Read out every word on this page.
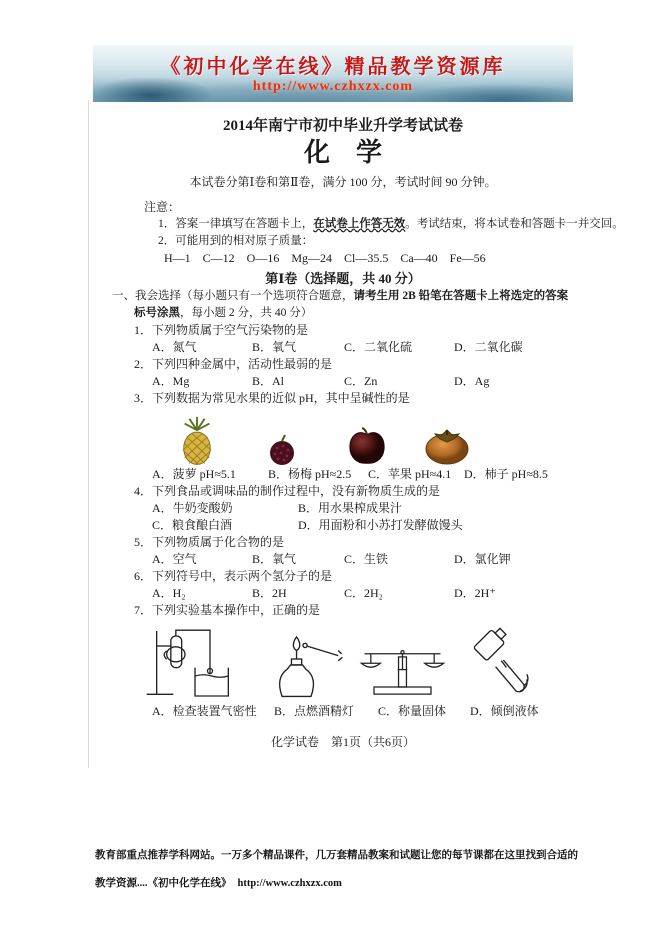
《初中化学在线》精品教学资源库
http://www.czhxzx.com
2014年南宁市初中毕业升学考试试卷
化　学
本试卷分第Ⅰ卷和第Ⅱ卷，满分 100 分，考试时间 90 分钟。
注意：
1．答案一律填写在答题卡上，在试卷上作答无效。考试结束，将本试卷和答题卡一并交回。
2．可能用到的相对原子质量：
H—1　C—12　O—16　Mg—24　Cl—35.5　Ca—40　Fe—56
第Ⅰ卷（选择题，共 40 分）
一、我会选择（每小题只有一个选项符合题意，请考生用 2B 铅笔在答题卡上将选定的答案
标号涂黑，每小题 2 分，共 40 分）
1．下列物质属于空气污染物的是
A．氮气	B．氧气	C．二氧化硫	D．二氧化碳
2．下列四种金属中，活动性最弱的是
A．Mg	B．Al	C．Zn	D．Ag
3．下列数据为常见水果的近似 pH，其中呈碱性的是
A．菠萝 pH≈5.1	B．杨梅 pH≈2.5	C．苹果 pH≈4.1	D．柿子 pH≈8.5
4．下列食品或调味品的制作过程中，没有新物质生成的是
A．牛奶变酸奶	B．用水果榨成果汁
C．粮食酿白酒	D．用面粉和小苏打发酵做馒头
5．下列物质属于化合物的是
A．空气	B．氧气	C．生铁	D．氯化钾
6．下列符号中，表示两个氢分子的是
A．H₂	B．2H	C．2H₂	D．2H⁺
7．下列实验基本操作中，正确的是
A．检查装置气密性	B．点燃酒精灯	C．称量固体	D．倾倒液体
化学试卷　第1页（共6页）
教育部重点推荐学科网站。一万多个精品课件，几万套精品教案和试题让您的每节课都在这里找到合适的
教学资源....《初中化学在线》 http://www.czhxzx.com
